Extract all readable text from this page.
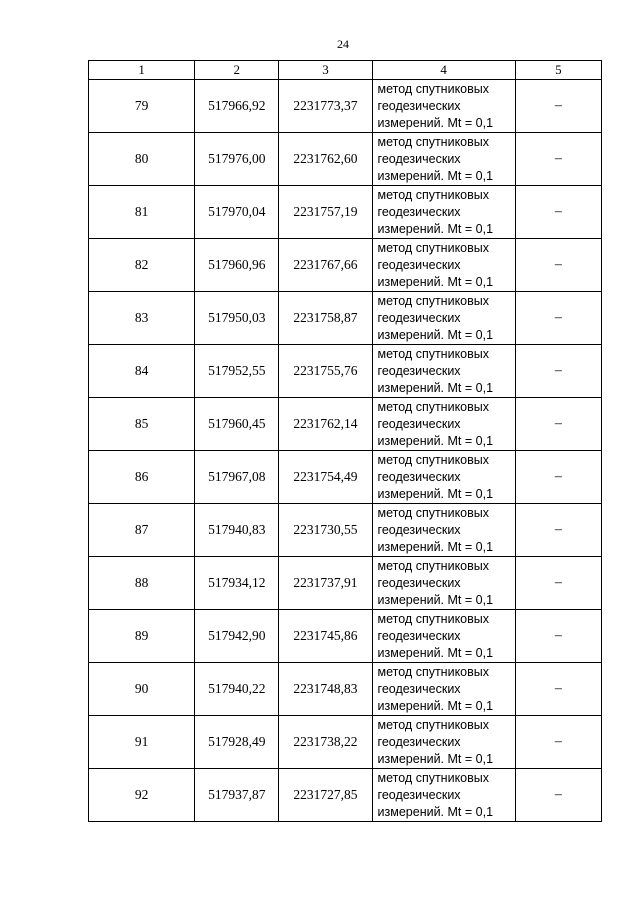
24
1	2	3	4	5
79	517966,92	2231773,37	метод спутниковых
геодезических
измерений. Mt = 0,1	–
80	517976,00	2231762,60	метод спутниковых
геодезических
измерений. Mt = 0,1	–
81	517970,04	2231757,19	метод спутниковых
геодезических
измерений. Mt = 0,1	–
82	517960,96	2231767,66	метод спутниковых
геодезических
измерений. Mt = 0,1	–
83	517950,03	2231758,87	метод спутниковых
геодезических
измерений. Mt = 0,1	–
84	517952,55	2231755,76	метод спутниковых
геодезических
измерений. Mt = 0,1	–
85	517960,45	2231762,14	метод спутниковых
геодезических
измерений. Mt = 0,1	–
86	517967,08	2231754,49	метод спутниковых
геодезических
измерений. Mt = 0,1	–
87	517940,83	2231730,55	метод спутниковых
геодезических
измерений. Mt = 0,1	–
88	517934,12	2231737,91	метод спутниковых
геодезических
измерений. Mt = 0,1	–
89	517942,90	2231745,86	метод спутниковых
геодезических
измерений. Mt = 0,1	–
90	517940,22	2231748,83	метод спутниковых
геодезических
измерений. Mt = 0,1	–
91	517928,49	2231738,22	метод спутниковых
геодезических
измерений. Mt = 0,1	–
92	517937,87	2231727,85	метод спутниковых
геодезических
измерений. Mt = 0,1	–
